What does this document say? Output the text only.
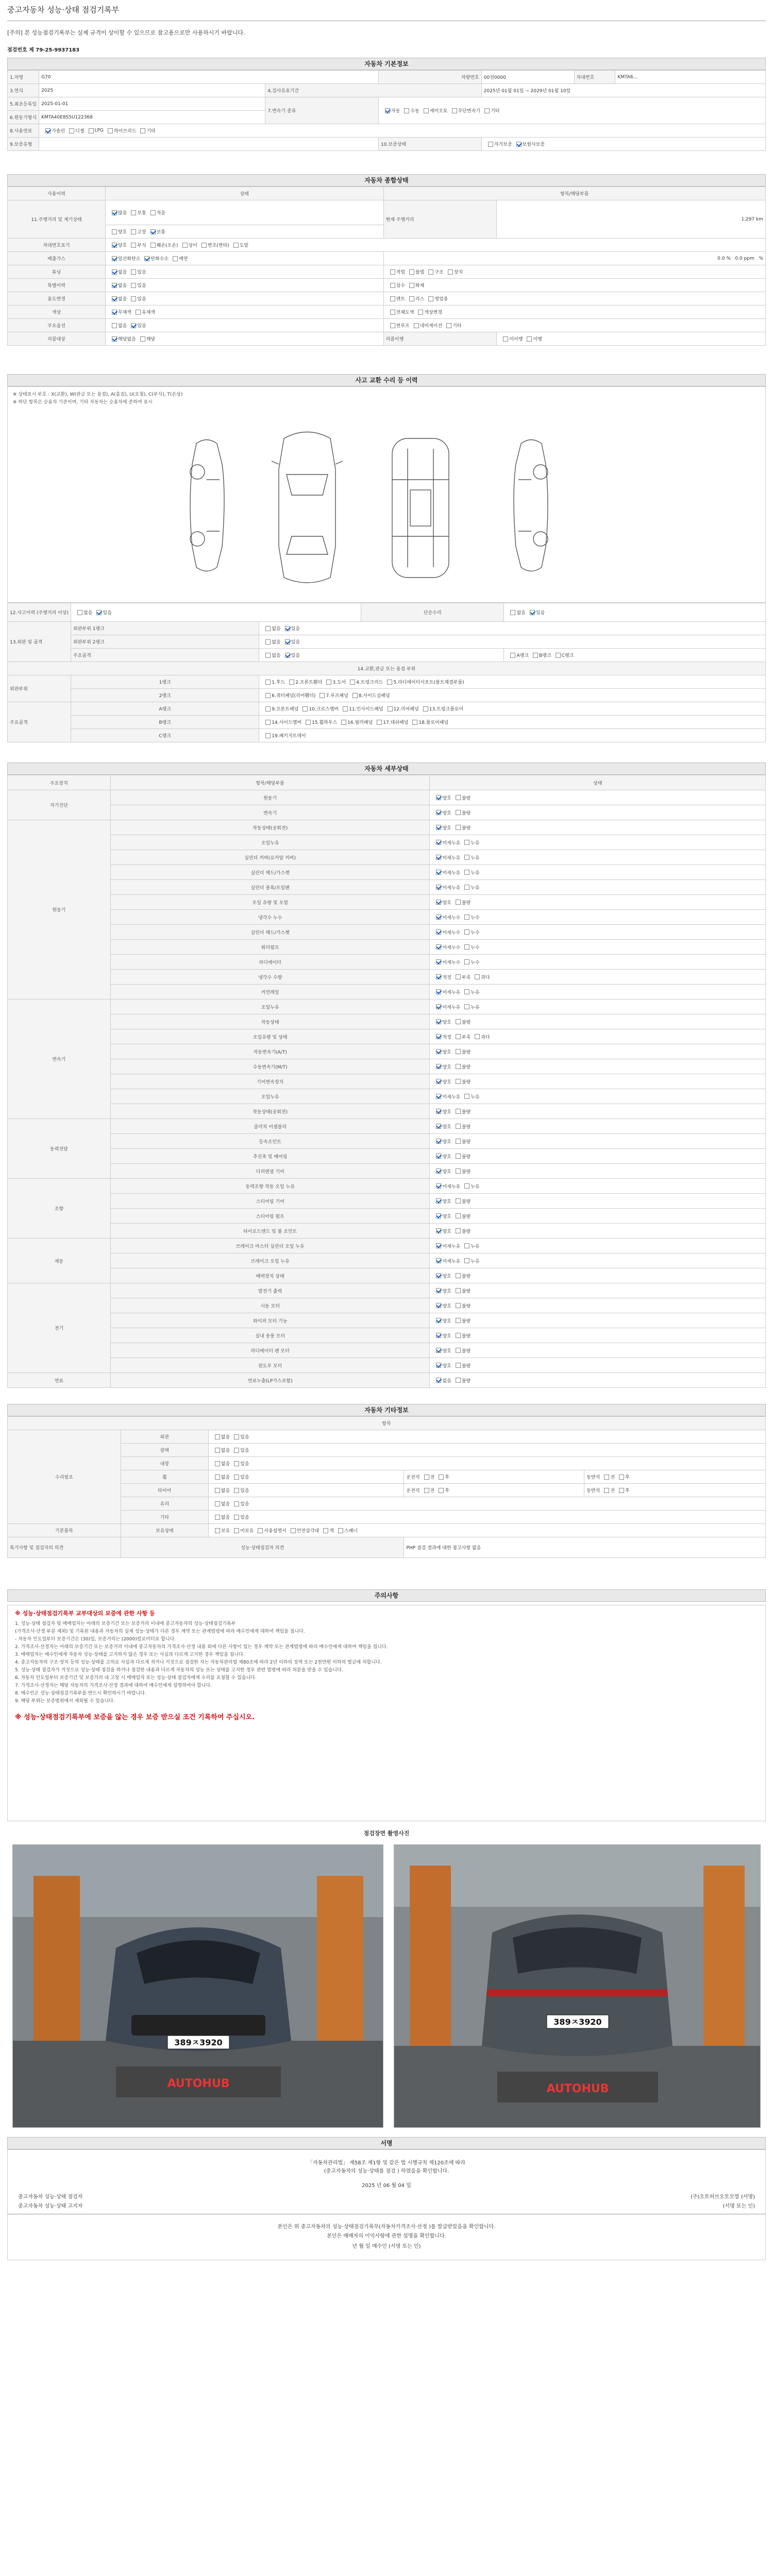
중고자동차 성능·상태 점검기록부
[주의] 본 성능점검기록부는 실제 규격이 상이할 수 있으므로 참고용으로만 사용하시기 바랍니다.
점검번호 제 79-25-9937183
자동차 기본정보
1.차명	G70		차량번호	00전0000	차대번호	KMTA6…
3.연식	2025	4.검사유효기간		2025년 01월 01일 ~ 2029년 01월 10일		
5.최초등록일	2025-01-01	7.변속기 종류	자동 수동 세미오토 무단변속기 기타			
6.원동기형식	KMTA40E8S5U122368					
8.사용연료	가솔린 디젤 LPG 하이브리드 기타					
9.보증유형			10.보증상태	자가보증 보험사보증		
자동차 종합상태
사용이력	상태	항목/해당부품	
11.주행거리 및 계기상태	많음 보통 적음	현재 주행거리	1,297 km
	양호 고장 보통		
차대번호표기	양호 부식 훼손(오손) 상이 변조(변타) 도말		
배출가스	일산화탄소 탄화수소 매연	0.0 % 0.0 ppm %	
튜닝	없음 있음	적법 불법 구조 장치	
특별이력	없음 있음	침수 화재	
용도변경	없음 있음	렌트 리스 영업용	
색상	무채색 유채색	전체도색 색상변경	
주요옵션	없음 있음	썬루프 네비게이션 기타	
리콜대상	해당없음 해당	리콜이행	미이행 이행
사고 교환 수리 등 이력
※ 상태표시 부호 : X(교환), W(판금 또는 용접), A(흠집), U(요철), C(부식), T(손상)
※ 하단 항목은 승용차 기준이며, 기타 자동차는 승용차에 준하여 표시
12.사고이력 (주행거리 이상)	없음 있음		단순수리	없음 있음
13.외판 및 골격	외판부위 1랭크	없음 있음		
	외판부위 2랭크	없음 있음		
	주요골격	없음 있음		A랭크 B랭크 C랭크
14.교환,판금 또는 용접 부위				
외판부위	1랭크	1.후드 2.프론트휀더 3.도어 4.트렁크리드 5.라디에이터서포트(볼트체결부품)		
	2랭크	6.쿼터패널(리어휀더) 7.루프패널 8.사이드실패널		
주요골격	A랭크	9.프론트패널 10.크로스멤버 11.인사이드패널 12.리어패널 13.트렁크플로어		
	B랭크	14.사이드멤버 15.휠하우스 16.필러패널 17.대쉬패널 18.플로어패널		
	C랭크	19.패키지트레이		
자동차 세부상태
주요장치	항목/해당부품	상태
자기진단	원동기	양호 불량
	변속기	양호 불량
원동기	작동상태(공회전)	양호 불량
	오일누유	미세누유 누유
	실린더 커버(로커암 커버)	미세누유 누유
	실린더 헤드/가스켓	미세누유 누유
	실린더 블록/오일팬	미세누유 누유
	오일 유량 및 오염	양호 불량
	냉각수 누수	미세누수 누수
	실린더 헤드/가스켓	미세누수 누수
	워터펌프	미세누수 누수
	라디에이터	미세누수 누수
	냉각수 수량	적정 부족 과다
	커먼레일	미세누유 누유
변속기	오일누유	미세누유 누유
	작동상태	양호 불량
	오일유량 및 상태	적정 부족 과다
	자동변속기(A/T)	양호 불량
	수동변속기(M/T)	양호 불량
	기어변속장치	양호 불량
	오일누유	미세누유 누유
	작동상태(공회전)	양호 불량
동력전달	클러치 어셈블리	양호 불량
	등속조인트	양호 불량
	추진축 및 베어링	양호 불량
	디퍼렌셜 기어	양호 불량
조향	동력조향 작동 오일 누유	미세누유 누유
	스티어링 기어	양호 불량
	스티어링 펌프	양호 불량
	타이로드엔드 및 볼 조인트	양호 불량
제동	브레이크 마스터 실린더 오일 누유	미세누유 누유
	브레이크 오일 누유	미세누유 누유
	배력장치 상태	양호 불량
전기	발전기 출력	양호 불량
	시동 모터	양호 불량
	와이퍼 모터 기능	양호 불량
	실내 송풍 모터	양호 불량
	라디에이터 팬 모터	양호 불량
	윈도우 모터	양호 불량
연료	연료누출(LP가스포함)	없음 불량
자동차 기타정보
항목				
수리필요	외관	없음 있음		
	광택	없음 있음		
	내장	없음 있음		
	휠	없음 있음	운전석 전 후	동반석 전 후
	타이어	없음 있음	운전석 전 후	동반석 전 후
	유리	없음 있음		
	기타	없음 있음		
기본품목	보유상태	보유 미보유 사용설명서 안전삼각대 잭 스패너		
특기사항 및 점검자의 의견	성능·상태점검자 의견		PHP 점검 결과에 대한 참고사항 없음	
주의사항
※ 성능·상태점검기록부 교부대상의 보증에 관한 사항 등
1. 성능·상태 점검자 및 매매업자는 아래의 보증기간 또는 보증거리 이내에 중고자동차의 성능·상태점검기록부
(가격조사·산정 부분 제외) 및 기록된 내용과 자동차의 실제 성능·상태가 다른 경우 계약 또는 관계법령에 따라 매수인에게 대하여 책임을 집니다.
- 자동차 인도일부터 보증기간은 (30)일, 보증거리는 (2000)킬로미터로 합니다.
2. 가격조사·산정자는 아래의 보증기간 또는 보증거리 이내에 중고자동차의 가격조사·산정 내용 외에 다른 사항이 있는 경우 계약 또는 관계법령에 따라 매수인에게 대하여 책임을 집니다.
3. 매매업자는 매수인에게 자동차 성능·상태를 고지하지 않은 경우 또는 사실과 다르게 고지한 경우 책임을 집니다.
4. 중고자동차의 구조·장치 등의 성능·상태를 고의로 사실과 다르게 적거나 거짓으로 점검한 자는 자동차관리법 제80조에 따라 2년 이하의 징역 또는 2천만원 이하의 벌금에 처합니다.
5. 성능·상태 점검자가 거짓으로 성능·상태 점검을 하거나 점검한 내용과 다르게 자동차의 성능 또는 상태를 고지한 경우 관련 법령에 따라 처분을 받을 수 있습니다.
6. 자동차 인도일부터 보증기간 및 보증거리 내 고장 시 매매업자 또는 성능·상태 점검자에게 수리를 요청할 수 있습니다.
7. 가격조사·산정자는 해당 자동차의 가격조사·산정 결과에 대하여 매수인에게 설명하여야 합니다.
8. 매수인은 성능·상태점검기록부를 반드시 확인하시기 바랍니다.
9. 해당 부위는 보증범위에서 제외될 수 있습니다.
※ 성능·상태점검기록부에 보증을 않는 경우 보증 받으실 조건 기록하여 주십시오.
점검장면 촬영사진
389ㅈ3920
AUTOHUB
389ㅈ3920
AUTOHUB
서명
「자동차관리법」 제58조 제1항 및 같은 법 시행규칙 제120조에 따라
(중고자동차의 성능·상태를 점검 ) 하였음을 확인합니다.
2025 년 06 월 04 일
중고자동차 성능·상태 점검자	(주)오토허브오토모빌 (서명)
중고자동차 성능·상태 고지자	(서명 또는 인)
본인은 위 중고자동차의 성능·상태점검기록부(자동차가격조사·산정 )를 발급받았음을 확인합니다.
본인은 매매자의 이익사항에 관한 설명을 확인합니다.
년 월 일 매수인 (서명 또는 인)
